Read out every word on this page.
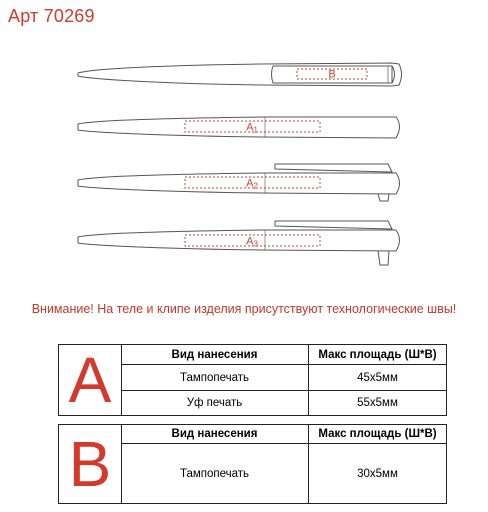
Арт 70269
B
A1
A2
A3
Внимание! На теле и клипе изделия присутствуют технологические швы!
A	Вид нанесения	Макс площадь (Ш*В)
Тампопечать	45x5мм
Уф печать	55x5мм
B	Вид нанесения	Макс площадь (Ш*В)
Тампопечать	30x5мм
